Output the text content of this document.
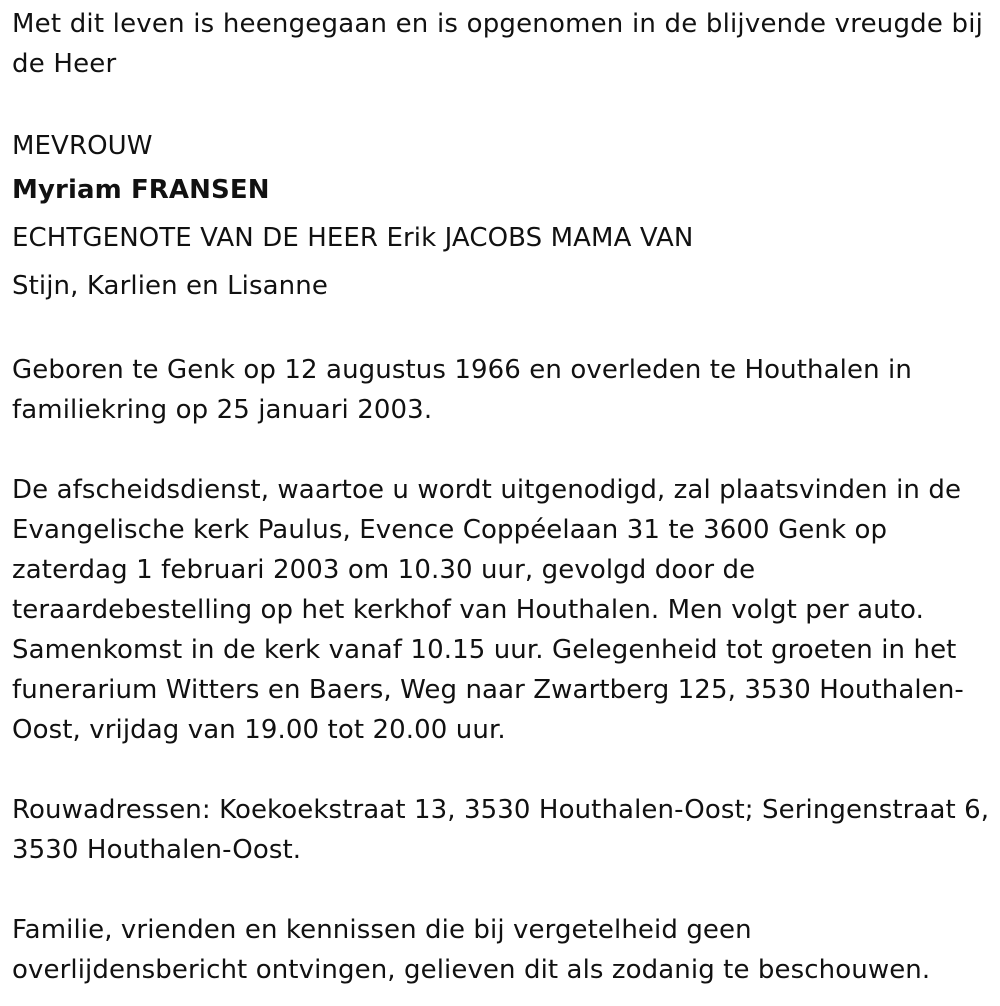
Met dit leven is heengegaan en is opgenomen in de blijvende vreugde bij de Heer

MEVROUW

Myriam FRANSEN

ECHTGENOTE VAN DE HEER Erik JACOBS MAMA VAN

Stijn, Karlien en Lisanne

Geboren te Genk op 12 augustus 1966 en overleden te Houthalen in familiekring op 25 januari 2003.

De afscheidsdienst, waartoe u wordt uitgenodigd, zal plaatsvinden in de Evangelische kerk Paulus, Evence Coppéelaan 31 te 3600 Genk op zaterdag 1 februari 2003 om 10.30 uur, gevolgd door de teraardebestelling op het kerkhof van Houthalen. Men volgt per auto. Samenkomst in de kerk vanaf 10.15 uur. Gelegenheid tot groeten in het funerarium Witters en Baers, Weg naar Zwartberg 125, 3530 Houthalen-Oost, vrijdag van 19.00 tot 20.00 uur.

Rouwadressen: Koekoekstraat 13, 3530 Houthalen-Oost; Seringenstraat 6, 3530 Houthalen-Oost.

Familie, vrienden en kennissen die bij vergetelheid geen overlijdensbericht ontvingen, gelieven dit als zodanig te beschouwen.
